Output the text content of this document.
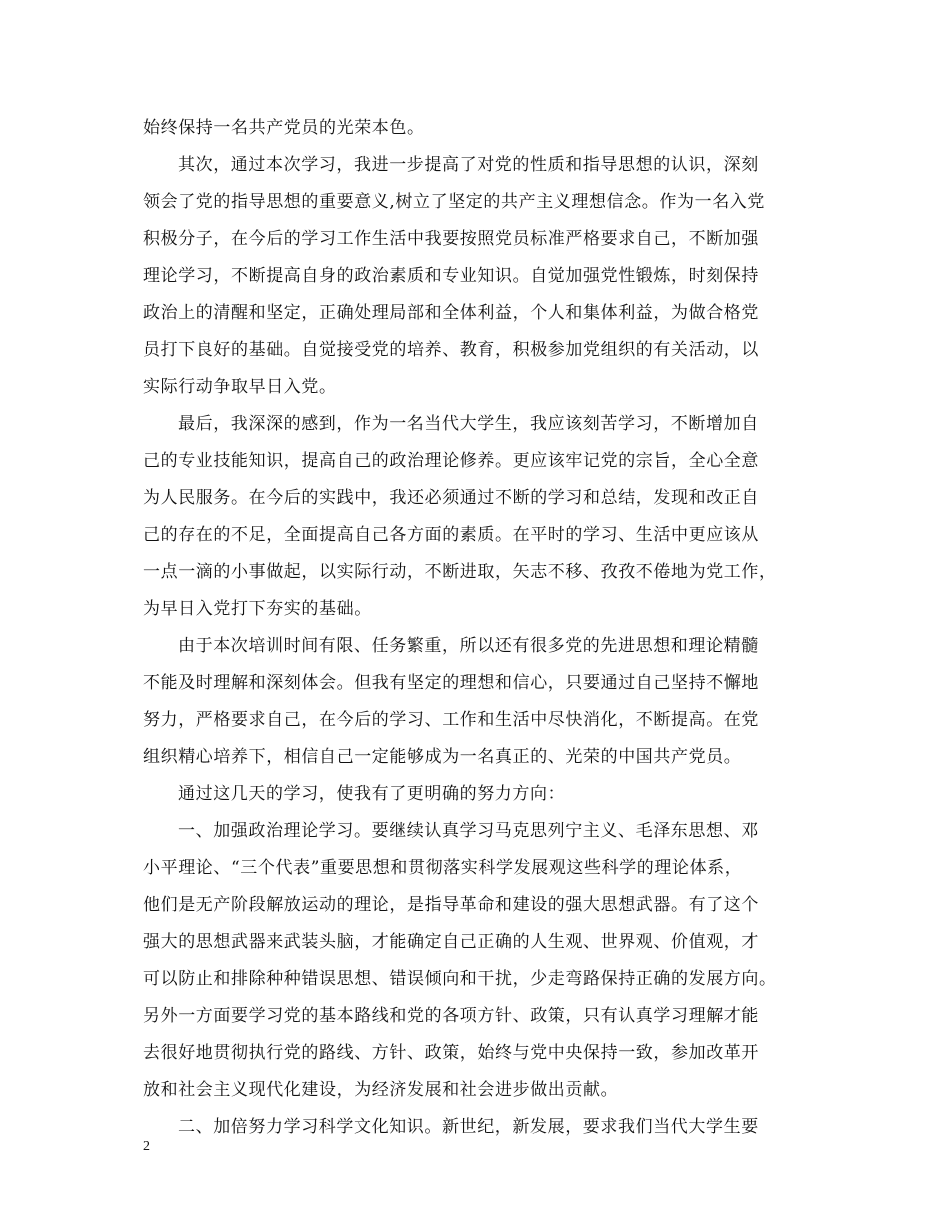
始终保持一名共产党员的光荣本色。
其次，通过本次学习，我进一步提高了对党的性质和指导思想的认识，深刻
领会了党的指导思想的重要意义,树立了坚定的共产主义理想信念。作为一名入党
积极分子，在今后的学习工作生活中我要按照党员标准严格要求自己，不断加强
理论学习，不断提高自身的政治素质和专业知识。自觉加强党性锻炼，时刻保持
政治上的清醒和坚定，正确处理局部和全体利益，个人和集体利益，为做合格党
员打下良好的基础。自觉接受党的培养、教育，积极参加党组织的有关活动，以
实际行动争取早日入党。
最后，我深深的感到，作为一名当代大学生，我应该刻苦学习，不断增加自
己的专业技能知识，提高自己的政治理论修养。更应该牢记党的宗旨，全心全意
为人民服务。在今后的实践中，我还必须通过不断的学习和总结，发现和改正自
己的存在的不足，全面提高自己各方面的素质。在平时的学习、生活中更应该从
一点一滴的小事做起，以实际行动，不断进取，矢志不移、孜孜不倦地为党工作，
为早日入党打下夯实的基础。
由于本次培训时间有限、任务繁重，所以还有很多党的先进思想和理论精髓
不能及时理解和深刻体会。但我有坚定的理想和信心，只要通过自己坚持不懈地
努力，严格要求自己，在今后的学习、工作和生活中尽快消化，不断提高。在党
组织精心培养下，相信自己一定能够成为一名真正的、光荣的中国共产党员。
通过这几天的学习，使我有了更明确的努力方向：
一、加强政治理论学习。要继续认真学习马克思列宁主义、毛泽东思想、邓
小平理论、“三个代表”重要思想和贯彻落实科学发展观这些科学的理论体系，
他们是无产阶段解放运动的理论，是指导革命和建设的强大思想武器。有了这个
强大的思想武器来武装头脑，才能确定自己正确的人生观、世界观、价值观，才
可以防止和排除种种错误思想、错误倾向和干扰，少走弯路保持正确的发展方向。
另外一方面要学习党的基本路线和党的各项方针、政策，只有认真学习理解才能
去很好地贯彻执行党的路线、方针、政策，始终与党中央保持一致，参加改革开
放和社会主义现代化建设，为经济发展和社会进步做出贡献。
二、加倍努力学习科学文化知识。新世纪，新发展，要求我们当代大学生要
2
